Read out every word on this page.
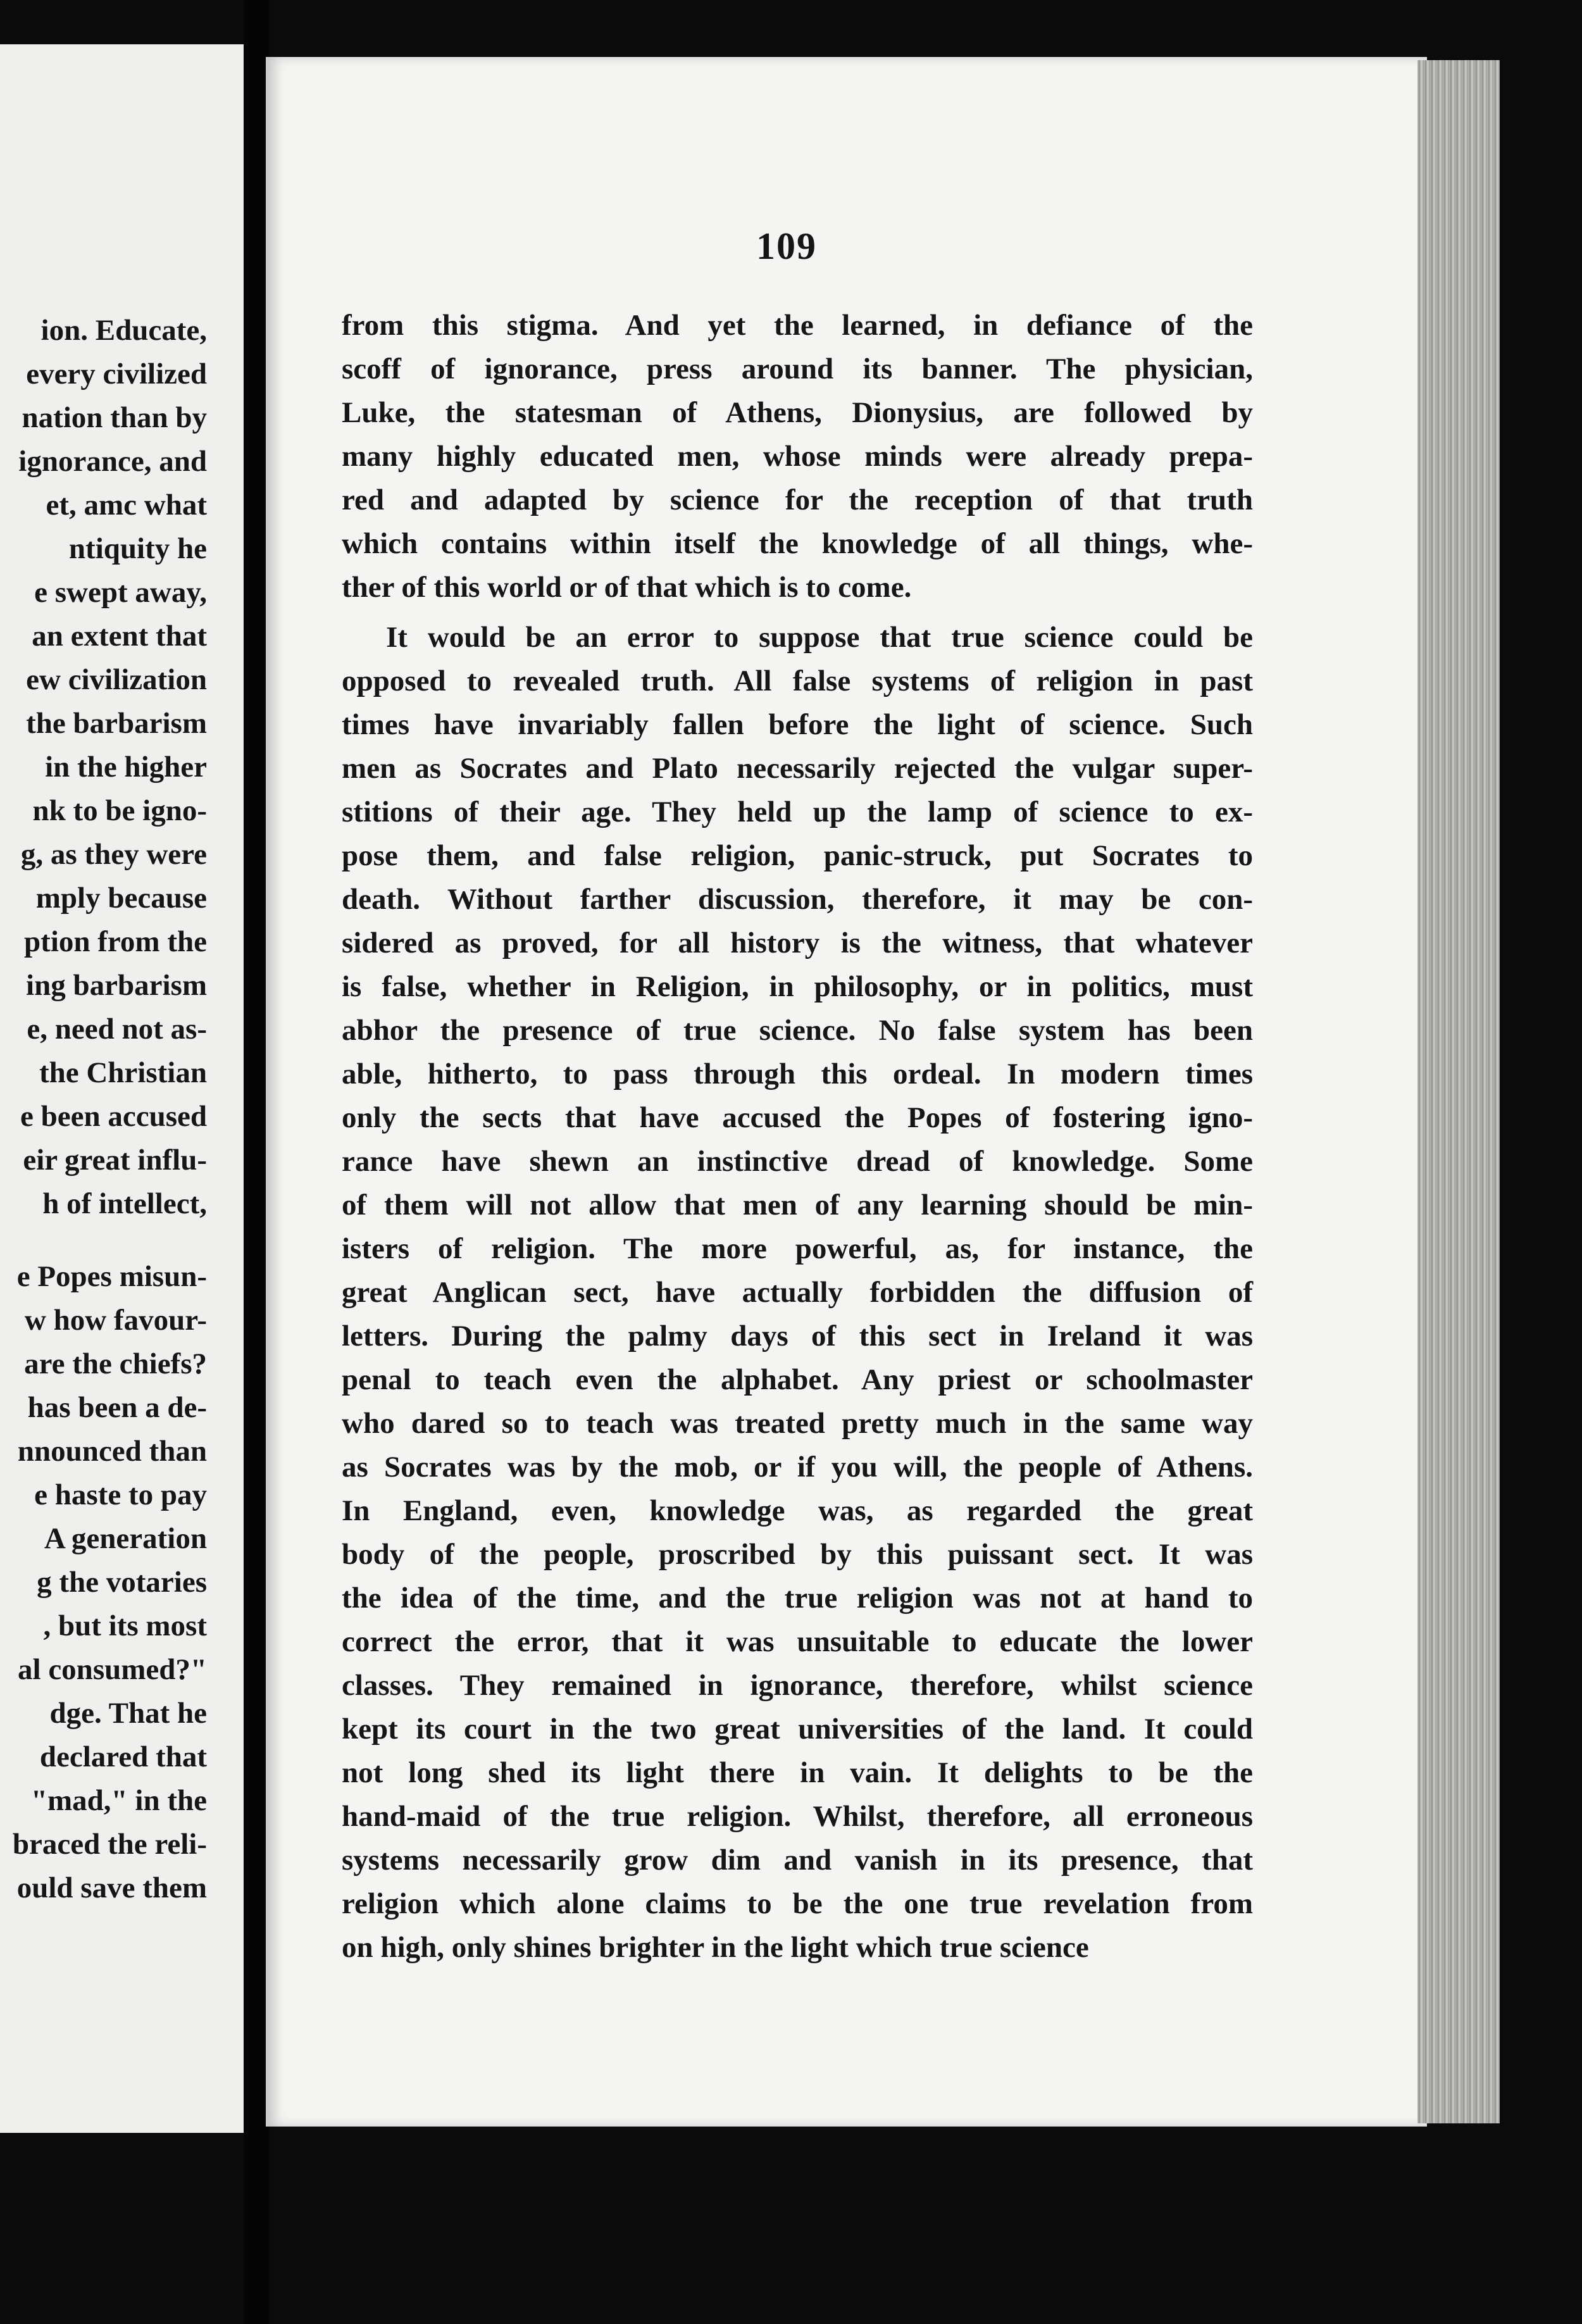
ion. Educate,
every civilized
nation than by
ignorance, and
et, amc what
ntiquity he
e swept away,
an extent that
ew civilization
the barbarism
in the higher
nk to be igno-
g, as they were
mply because
ption from the
ing barbarism
e, need not as-
the Christian
e been accused
eir great influ-
h of intellect,
e Popes misun-
w how favour-
are the chiefs?
has been a de-
nnounced than
e haste to pay
A generation
g the votaries
, but its most
al consumed?"
dge. That he
declared that
"mad," in the
braced the reli-
ould save them
109
from this stigma. And yet the learned, in defiance of the
scoff of ignorance, press around its banner. The physician,
Luke, the statesman of Athens, Dionysius, are followed by
many highly educated men, whose minds were already prepa-
red and adapted by science for the reception of that truth
which contains within itself the knowledge of all things, whe-
ther of this world or of that which is to come.
It would be an error to suppose that true science could be
opposed to revealed truth. All false systems of religion in past
times have invariably fallen before the light of science. Such
men as Socrates and Plato necessarily rejected the vulgar super-
stitions of their age. They held up the lamp of science to ex-
pose them, and false religion, panic-struck, put Socrates to
death. Without farther discussion, therefore, it may be con-
sidered as proved, for all history is the witness, that whatever
is false, whether in Religion, in philosophy, or in politics, must
abhor the presence of true science. No false system has been
able, hitherto, to pass through this ordeal. In modern times
only the sects that have accused the Popes of fostering igno-
rance have shewn an instinctive dread of knowledge. Some
of them will not allow that men of any learning should be min-
isters of religion. The more powerful, as, for instance, the
great Anglican sect, have actually forbidden the diffusion of
letters. During the palmy days of this sect in Ireland it was
penal to teach even the alphabet. Any priest or schoolmaster
who dared so to teach was treated pretty much in the same way
as Socrates was by the mob, or if you will, the people of Athens.
In England, even, knowledge was, as regarded the great
body of the people, proscribed by this puissant sect. It was
the idea of the time, and the true religion was not at hand to
correct the error, that it was unsuitable to educate the lower
classes. They remained in ignorance, therefore, whilst science
kept its court in the two great universities of the land. It could
not long shed its light there in vain. It delights to be the
hand-maid of the true religion. Whilst, therefore, all erroneous
systems necessarily grow dim and vanish in its presence, that
religion which alone claims to be the one true revelation from
on high, only shines brighter in the light which true science
